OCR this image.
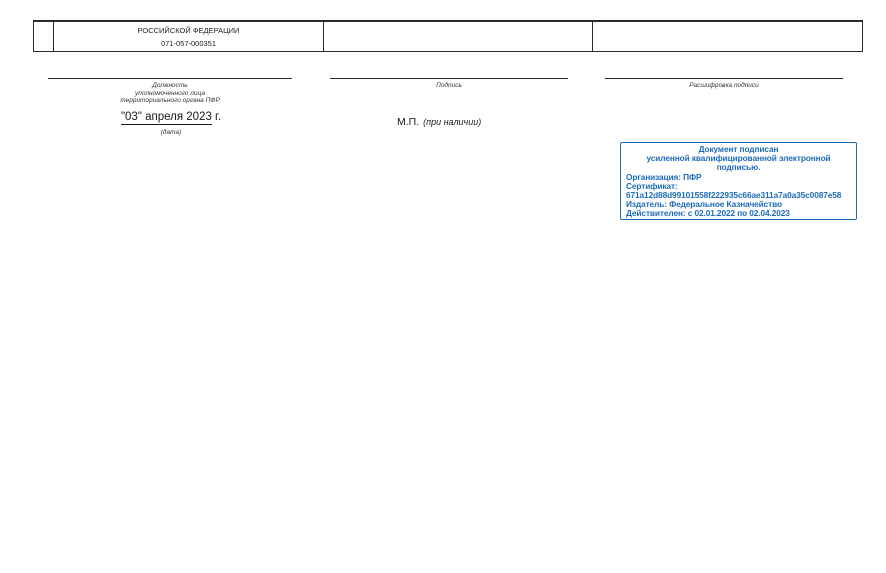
РОССИЙСКОЙ ФЕДЕРАЦИИ
071-057-000351
Должность
уполномоченного лица
территориального органа ПФР
Подпись	Расшифровка подписи
"03" апреля 2023 г.
(дата)
М.П. (при наличии)
Документ подписан
усиленной квалифицированной электронной
подписью.
Организация: ПФР
Сертификат:
671a12d88d99101558f222935c66ae311a7a0a35c0087e58
Издатель: Федеральное Казначейство
Действителен: с 02.01.2022 по 02.04.2023
